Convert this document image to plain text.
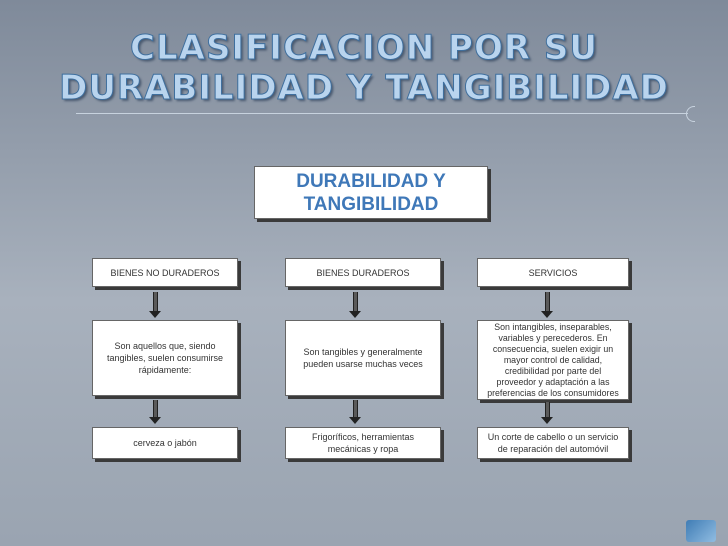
CLASIFICACION POR SU
DURABILIDAD Y TANGIBILIDAD
DURABILIDAD Y
TANGIBILIDAD
BIENES NO DURADEROS
Son aquellos que, siendo
tangibles, suelen consumirse
rápidamente:
cerveza o jabón
BIENES DURADEROS
Son tangibles y generalmente
pueden usarse muchas veces
Frigoríficos, herramientas
mecánicas y ropa
SERVICIOS
Son intangibles, inseparables,
variables y perecederos. En
consecuencia, suelen exigir un
mayor control de calidad,
credibilidad por parte del
proveedor y adaptación a las
preferencias de los consumidores
Un corte de cabello o un servicio
de reparación del automóvil
